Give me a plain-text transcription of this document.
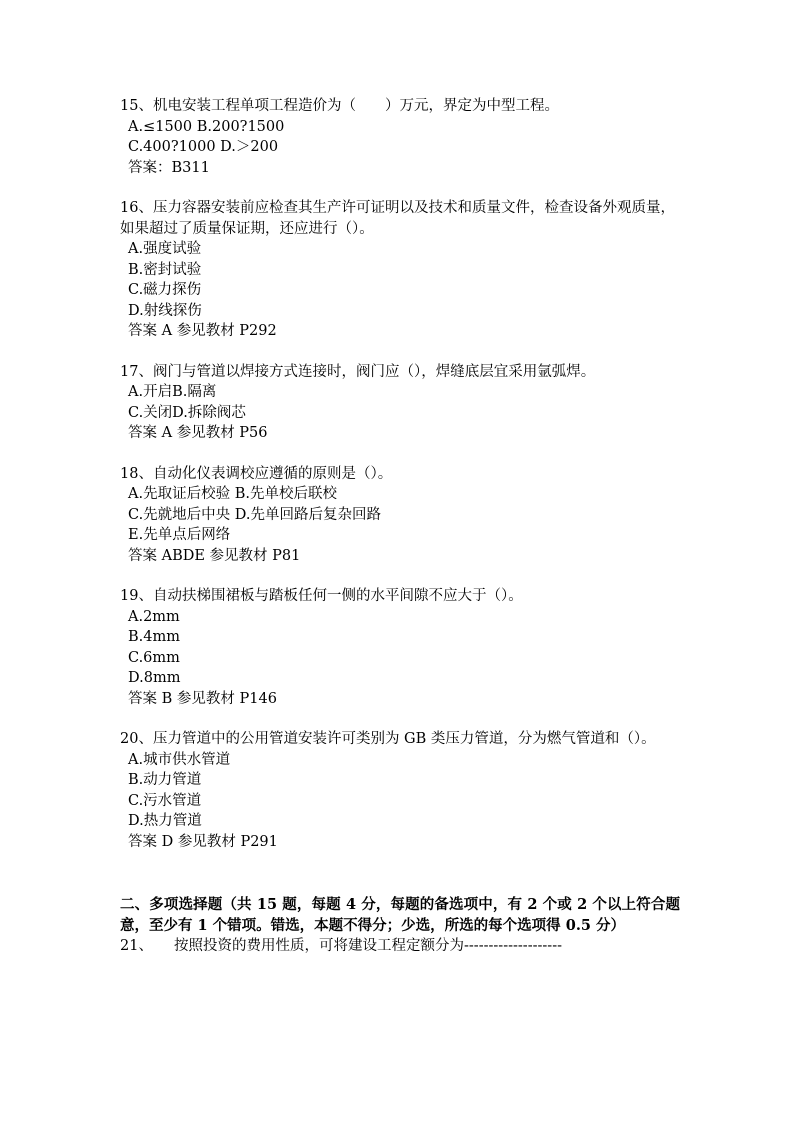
15、机电安装工程单项工程造价为（　　）万元，界定为中型工程。
A.≤1500 B.200?1500
C.400?1000 D.＞200
答案：B311
16、压力容器安装前应检查其生产许可证明以及技术和质量文件，检查设备外观质量，如果超过了质量保证期，还应进行（）。
A.强度试验
B.密封试验
C.磁力探伤
D.射线探伤
答案 A 参见教材 P292
17、阀门与管道以焊接方式连接时，阀门应（），焊缝底层宜采用氩弧焊。
A.开启B.隔离
C.关闭D.拆除阀芯
答案 A 参见教材 P56
18、自动化仪表调校应遵循的原则是（）。
A.先取证后校验 B.先单校后联校
C.先就地后中央 D.先单回路后复杂回路
E.先单点后网络
答案 ABDE 参见教材 P81
19、自动扶梯围裙板与踏板任何一侧的水平间隙不应大于（）。
A.2mm
B.4mm
C.6mm
D.8mm
答案 B 参见教材 P146
20、压力管道中的公用管道安装许可类别为 GB 类压力管道，分为燃气管道和（）。
A.城市供水管道
B.动力管道
C.污水管道
D.热力管道
答案 D 参见教材 P291
二、多项选择题（共 15 题，每题 4 分，每题的备选项中，有 2 个或 2 个以上符合题意，至少有 1 个错项。错选，本题不得分；少选，所选的每个选项得 0.5 分）
21、 按照投资的费用性质，可将建设工程定额分为--------------------
